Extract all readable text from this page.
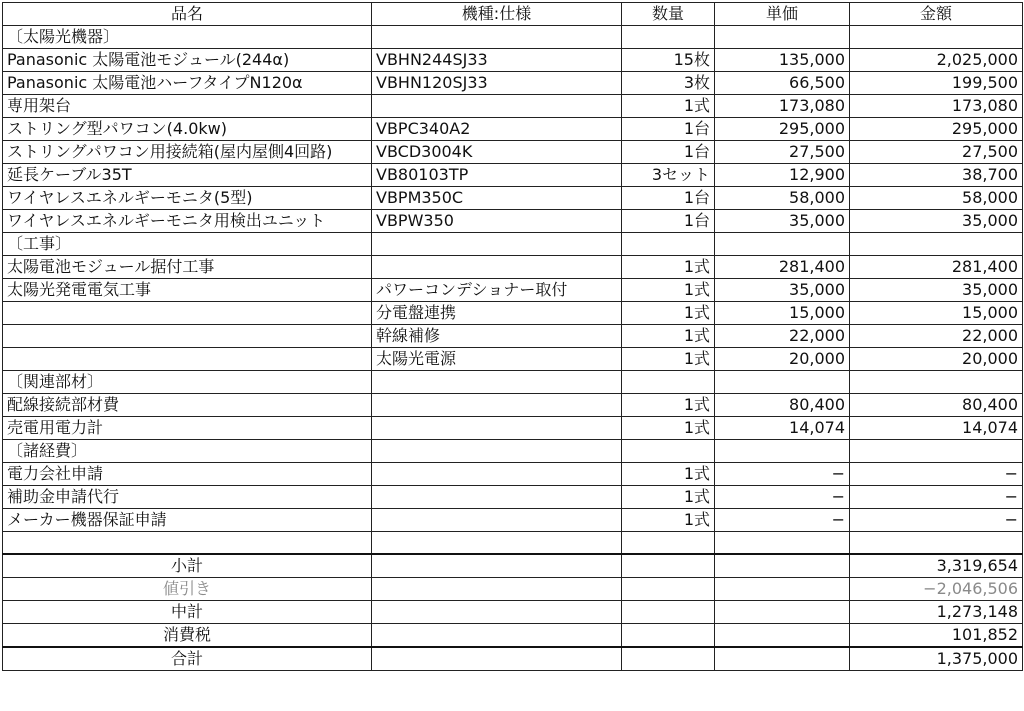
品名	機種:仕様	数量	単価	金額
〔太陽光機器〕				
Panasonic 太陽電池モジュール(244α)	VBHN244SJ33	15枚	135,000	2,025,000
Panasonic 太陽電池ハーフタイプN120α	VBHN120SJ33	3枚	66,500	199,500
専用架台		1式	173,080	173,080
ストリング型パワコン(4.0kw)	VBPC340A2	1台	295,000	295,000
ストリングパワコン用接続箱(屋内屋側4回路)	VBCD3004K	1台	27,500	27,500
延長ケーブル35T	VB80103TP	3セット	12,900	38,700
ワイヤレスエネルギーモニタ(5型)	VBPM350C	1台	58,000	58,000
ワイヤレスエネルギーモニタ用検出ユニット	VBPW350	1台	35,000	35,000
〔工事〕				
太陽電池モジュール据付工事		1式	281,400	281,400
太陽光発電電気工事	パワーコンデショナー取付	1式	35,000	35,000
	分電盤連携	1式	15,000	15,000
	幹線補修	1式	22,000	22,000
	太陽光電源	1式	20,000	20,000
〔関連部材〕				
配線接続部材費		1式	80,400	80,400
売電用電力計		1式	14,074	14,074
〔諸経費〕				
電力会社申請		1式	−	−
補助金申請代行		1式	−	−
メーカー機器保証申請		1式	−	−

小計				3,319,654
値引き				−2,046,506
中計				1,273,148
消費税				101,852
合計				1,375,000
